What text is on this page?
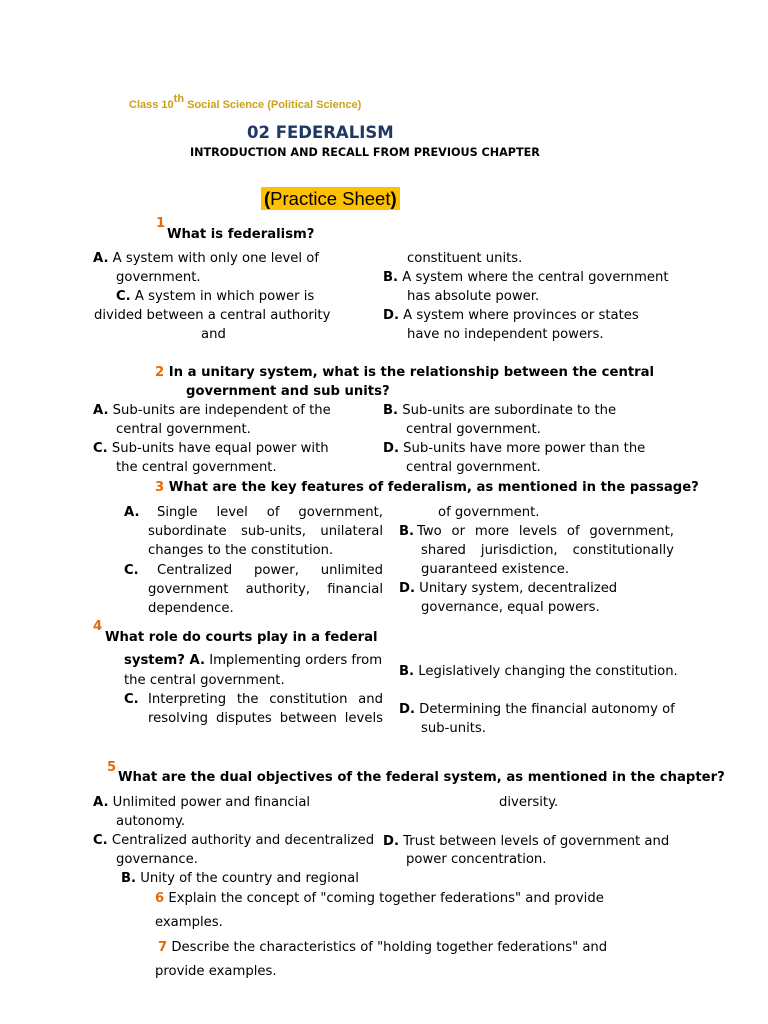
Class 10th Social Science (Political Science)
02 FEDERALISM
INTRODUCTION AND RECALL FROM PREVIOUS CHAPTER
(Practice Sheet)
1
What is federalism?
A. A system with only one level of
government.
C. A system in which power is
divided between a central authority
and
constituent units.
B. A system where the central government
has absolute power.
D. A system where provinces or states
have no independent powers.
2 In a unitary system, what is the relationship between the central
government and sub units?
A. Sub-units are independent of the
central government.
C. Sub-units have equal power with
the central government.
B. Sub-units are subordinate to the
central government.
D. Sub-units have more power than the
central government.
3 What are the key features of federalism, as mentioned in the passage?
A. Single level of government,
subordinate sub-units, unilateral
changes to the constitution.
C. Centralized power, unlimited
government authority, financial
dependence.
of government.
B. Two or more levels of government,
shared jurisdiction, constitutionally
guaranteed existence.
D. Unitary system, decentralized
governance, equal powers.
4
What role do courts play in a federal
system? A. Implementing orders from
the central government.
C. Interpreting the constitution and
resolving disputes between levels
B. Legislatively changing the constitution.
D. Determining the financial autonomy of
sub-units.
5
What are the dual objectives of the federal system, as mentioned in the chapter?
A. Unlimited power and financial
autonomy.
diversity.
C. Centralized authority and decentralized
governance.
D. Trust between levels of government and
power concentration.
B. Unity of the country and regional
6 Explain the concept of "coming together federations" and provide
examples.
7 Describe the characteristics of "holding together federations" and
provide examples.
